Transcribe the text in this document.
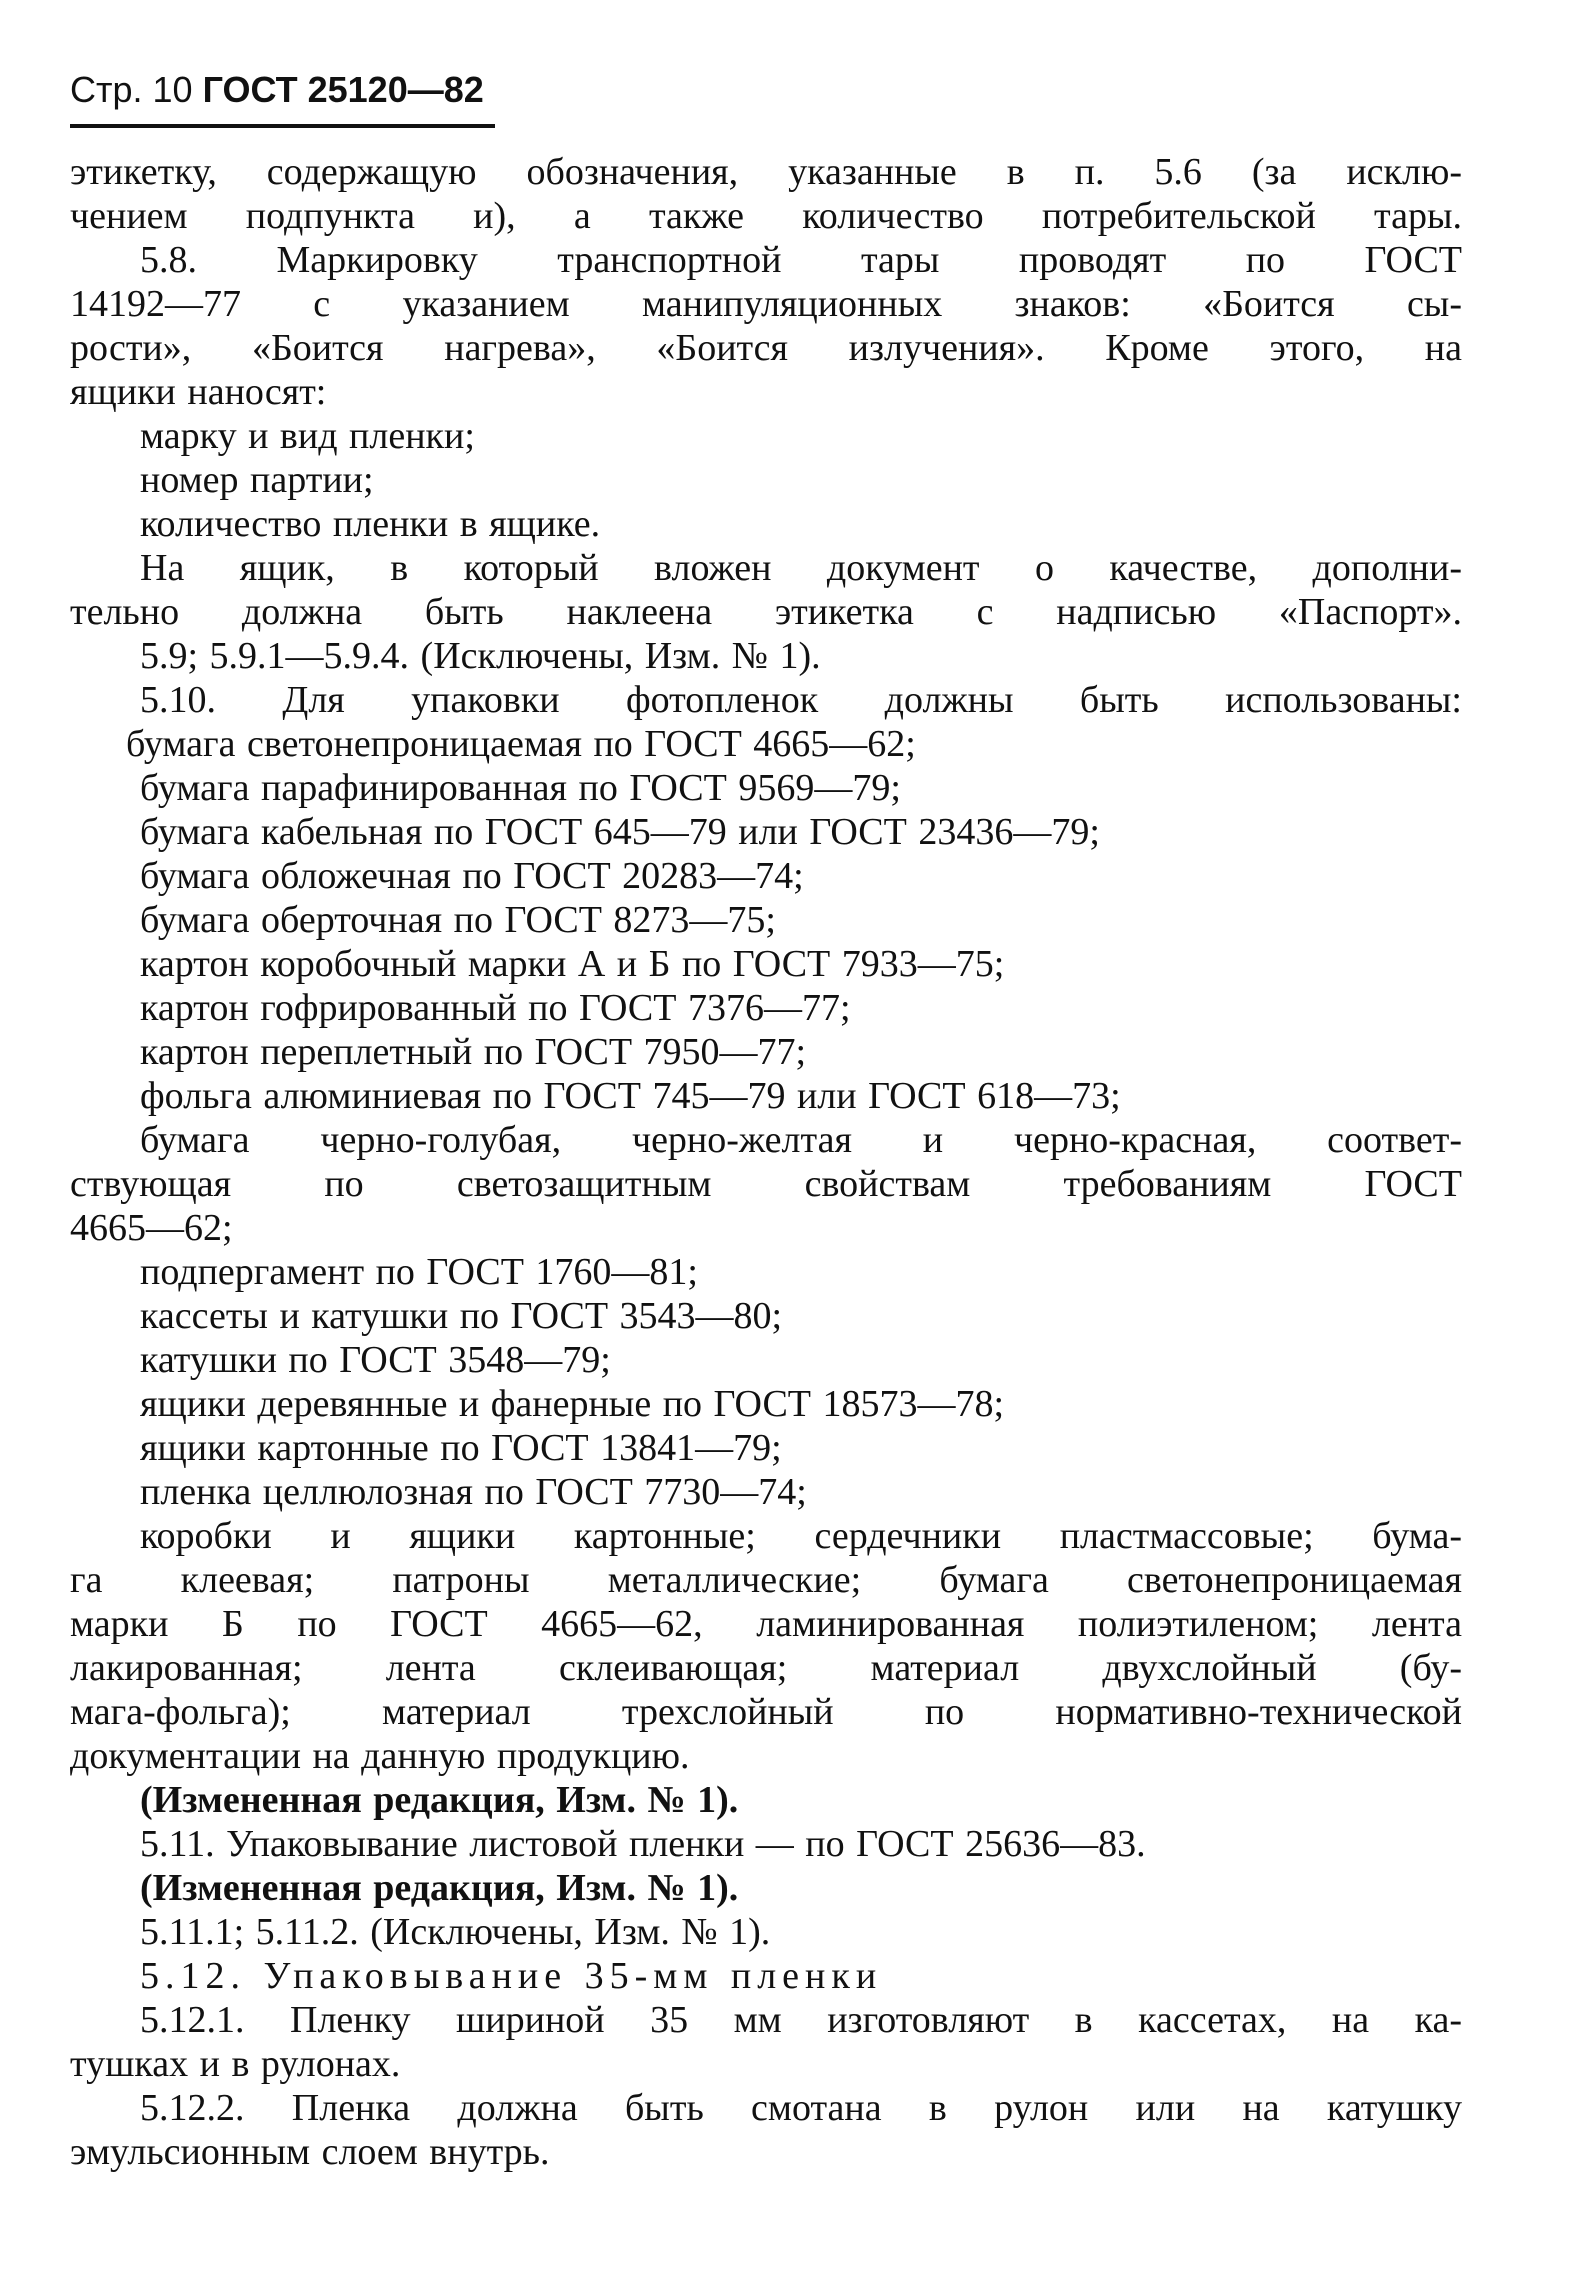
Стр. 10 ГОСТ 25120—82
этикетку, содержащую обозначения, указанные в п. 5.6 (за исклю-
чением подпункта и), а также количество потребительской тары.
5.8. Маркировку транспортной тары проводят по ГОСТ
14192—77 с указанием манипуляционных знаков: «Боится сы-
рости», «Боится нагрева», «Боится излучения». Кроме этого, на
ящики наносят:
марку и вид пленки;
номер партии;
количество пленки в ящике.
На ящик, в который вложен документ о качестве, дополни-
тельно должна быть наклеена этикетка с надписью «Паспорт».
5.9; 5.9.1—5.9.4. (Исключены, Изм. № 1).
5.10. Для упаковки фотопленок должны быть использованы:
бумага светонепроницаемая по ГОСТ 4665—62;
бумага парафинированная по ГОСТ 9569—79;
бумага кабельная по ГОСТ 645—79 или ГОСТ 23436—79;
бумага обложечная по ГОСТ 20283—74;
бумага оберточная по ГОСТ 8273—75;
картон коробочный марки А и Б по ГОСТ 7933—75;
картон гофрированный по ГОСТ 7376—77;
картон переплетный по ГОСТ 7950—77;
фольга алюминиевая по ГОСТ 745—79 или ГОСТ 618—73;
бумага черно-голубая, черно-желтая и черно-красная, соответ-
ствующая по светозащитным свойствам требованиям ГОСТ
4665—62;
подпергамент по ГОСТ 1760—81;
кассеты и катушки по ГОСТ 3543—80;
катушки по ГОСТ 3548—79;
ящики деревянные и фанерные по ГОСТ 18573—78;
ящики картонные по ГОСТ 13841—79;
пленка целлюлозная по ГОСТ 7730—74;
коробки и ящики картонные; сердечники пластмассовые; бума-
га клеевая; патроны металлические; бумага светонепроницаемая
марки Б по ГОСТ 4665—62, ламинированная полиэтиленом; лента
лакированная; лента склеивающая; материал двухслойный (бу-
мага-фольга); материал трехслойный по нормативно-технической
документации на данную продукцию.
(Измененная редакция, Изм. № 1).
5.11. Упаковывание листовой пленки — по ГОСТ 25636—83.
(Измененная редакция, Изм. № 1).
5.11.1; 5.11.2. (Исключены, Изм. № 1).
5.12. Упаковывание 35-мм пленки
5.12.1. Пленку шириной 35 мм изготовляют в кассетах, на ка-
тушках и в рулонах.
5.12.2. Пленка должна быть смотана в рулон или на катушку
эмульсионным слоем внутрь.
